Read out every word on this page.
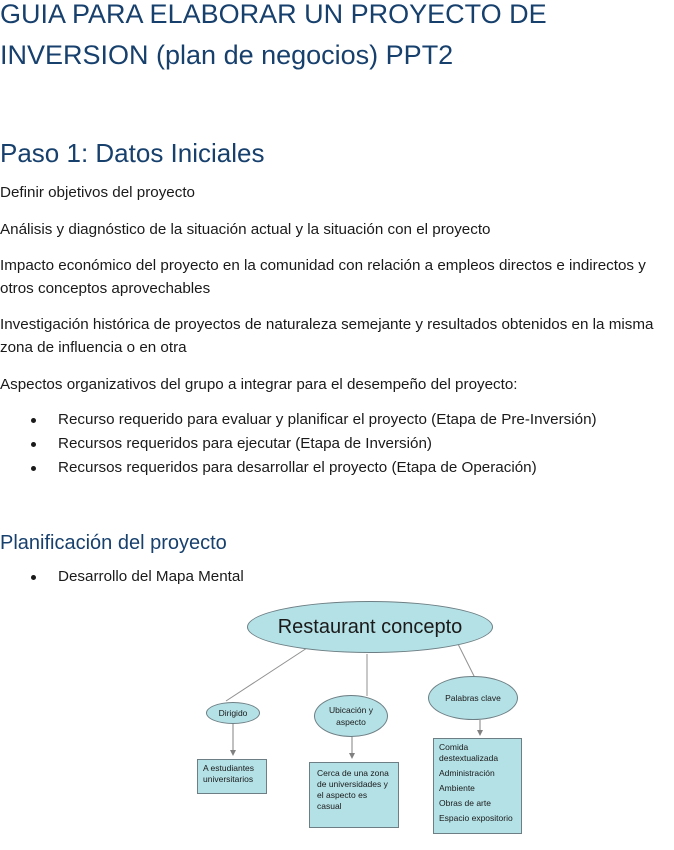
GUIA PARA ELABORAR UN PROYECTO DE INVERSION (plan de negocios) PPT2
Paso 1: Datos Iniciales

Definir objetivos del proyecto

Análisis y diagnóstico de la situación actual y la situación con el proyecto

Impacto económico del proyecto en la comunidad con relación a empleos directos e indirectos y otros conceptos aprovechables

Investigación histórica de proyectos de naturaleza semejante y resultados obtenidos en la misma zona de influencia o en otra

Aspectos organizativos del grupo a integrar para el desempeño del proyecto:

Recurso requerido para evaluar y planificar el proyecto (Etapa de Pre-Inversión)
Recursos requeridos para ejecutar (Etapa de Inversión)
Recursos requeridos para desarrollar el proyecto (Etapa de Operación)
Planificación del proyecto
Desarrollo del Mapa Mental
Restaurant concepto
Dirigido	Ubicación y aspecto
Palabras clave
A estudiantes universitarios
Cerca de una zona de universidades y el aspecto es casual
Comida destextualizada
Administración
Ambiente
Obras de arte
Espacio expositorio
